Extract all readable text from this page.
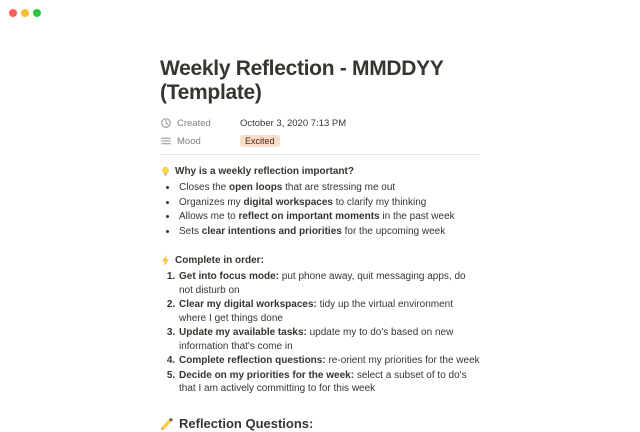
Weekly Reflection - MMDDYY (Template)
Created	October 3, 2020 7:13 PM
Mood	Excited
Why is a weekly reflection important?
• Closes the open loops that are stressing me out
• Organizes my digital workspaces to clarify my thinking
• Allows me to reflect on important moments in the past week
• Sets clear intentions and priorities for the upcoming week
Complete in order:
1. Get into focus mode: put phone away, quit messaging apps, do not disturb on
2. Clear my digital workspaces: tidy up the virtual environment where I get things done
3. Update my available tasks: update my to do's based on new information that's come in
4. Complete reflection questions: re-orient my priorities for the week
5. Decide on my priorities for the week: select a subset of to do's that I am actively committing to for this week
Reflection Questions:
